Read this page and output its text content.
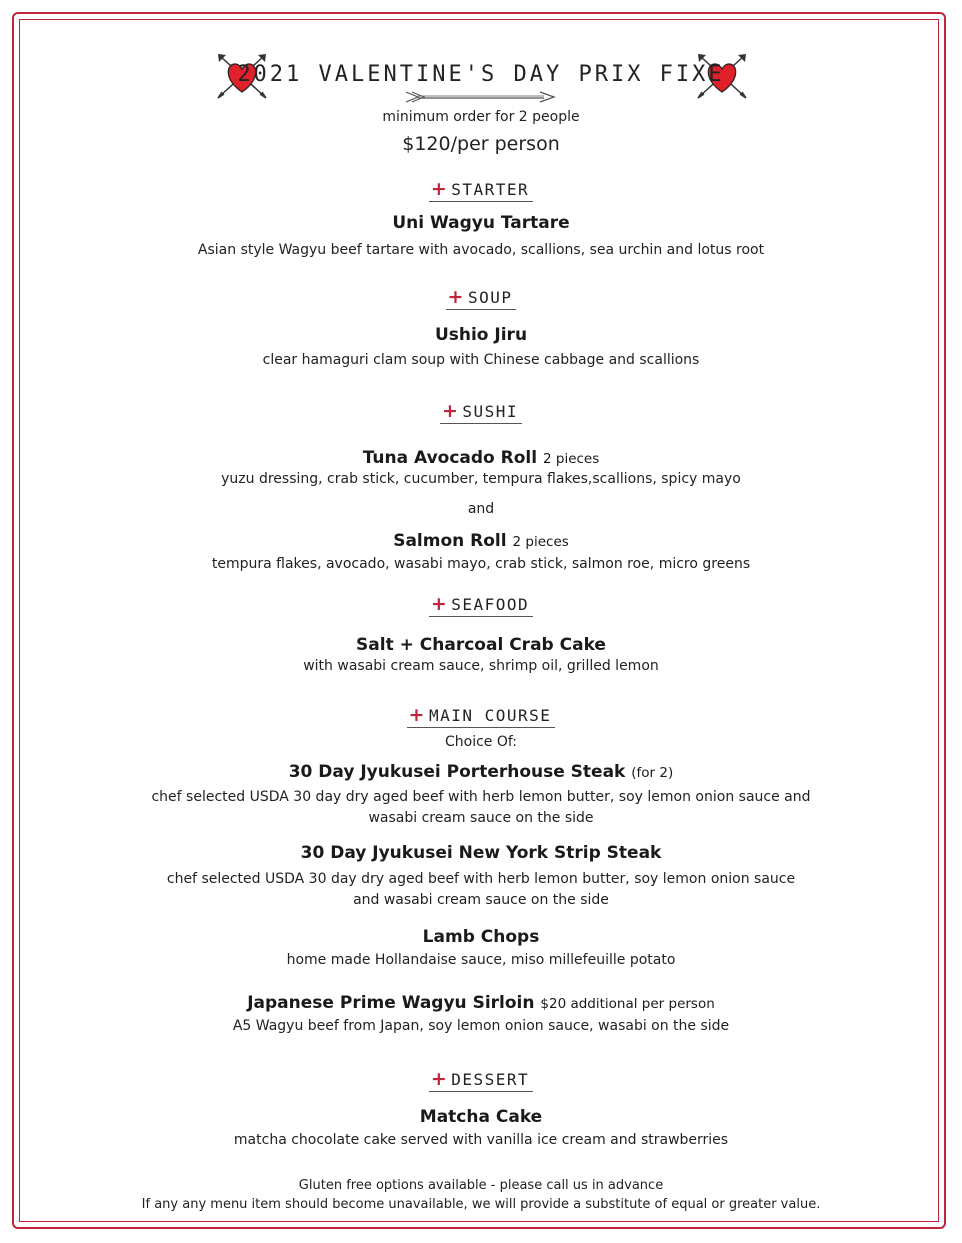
2021 VALENTINE'S DAY PRIX FIXE
minimum order for 2 people
$120/per person
+ STARTER
Uni Wagyu Tartare
Asian style Wagyu beef tartare with avocado, scallions, sea urchin and lotus root
+ SOUP
Ushio Jiru
clear hamaguri clam soup with Chinese cabbage and scallions
+ SUSHI
Tuna Avocado Roll 2 pieces
yuzu dressing, crab stick, cucumber, tempura flakes,scallions, spicy mayo
and
Salmon Roll 2 pieces
tempura flakes, avocado, wasabi mayo, crab stick, salmon roe, micro greens
+ SEAFOOD
Salt + Charcoal Crab Cake
with wasabi cream sauce, shrimp oil, grilled lemon
+ MAIN COURSE
Choice Of:
30 Day Jyukusei Porterhouse Steak (for 2)
chef selected USDA 30 day dry aged beef with herb lemon butter, soy lemon onion sauce and
wasabi cream sauce on the side
30 Day Jyukusei New York Strip Steak
chef selected USDA 30 day dry aged beef with herb lemon butter, soy lemon onion sauce
and wasabi cream sauce on the side
Lamb Chops
home made Hollandaise sauce, miso millefeuille potato
Japanese Prime Wagyu Sirloin $20 additional per person
A5 Wagyu beef from Japan, soy lemon onion sauce, wasabi on the side
+ DESSERT
Matcha Cake
matcha chocolate cake served with vanilla ice cream and strawberries
Gluten free options available - please call us in advance
If any any menu item should become unavailable, we will provide a substitute of equal or greater value.
